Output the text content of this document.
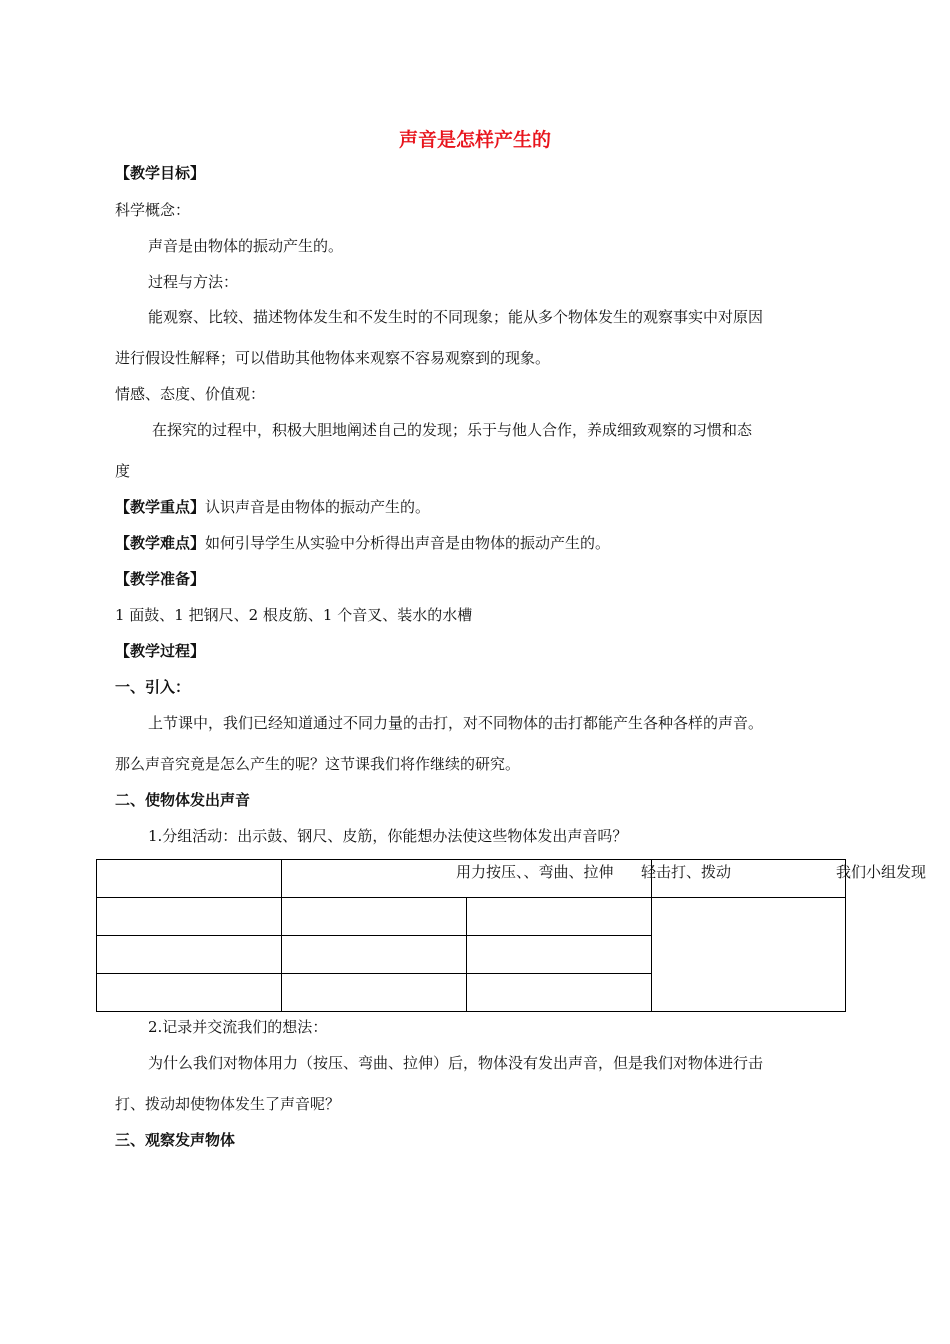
声音是怎样产生的
【教学目标】
科学概念：
声音是由物体的振动产生的。
过程与方法：
能观察、比较、描述物体发生和不发生时的不同现象；能从多个物体发生的观察事实中对原因
进行假设性解释；可以借助其他物体来观察不容易观察到的现象。
情感、态度、价值观：
在探究的过程中，积极大胆地阐述自己的发现；乐于与他人合作，养成细致观察的习惯和态
度
【教学重点】认识声音是由物体的振动产生的。
【教学难点】如何引导学生从实验中分析得出声音是由物体的振动产生的。
【教学准备】
1 面鼓、1 把钢尺、2 根皮筋、1 个音叉、装水的水槽
【教学过程】
一、引入：
上节课中，我们已经知道通过不同力量的击打，对不同物体的击打都能产生各种各样的声音。
那么声音究竟是怎么产生的呢？这节课我们将作继续的研究。
二、使物体发出声音
1.分组活动：出示鼓、钢尺、皮筋，你能想办法使这些物体发出声音吗？
用力按压、、弯曲、拉伸 轻击打、拨动	我们小组发现
2.记录并交流我们的想法：
为什么我们对物体用力（按压、弯曲、拉伸）后，物体没有发出声音，但是我们对物体进行击
打、拨动却使物体发生了声音呢？
三、观察发声物体
